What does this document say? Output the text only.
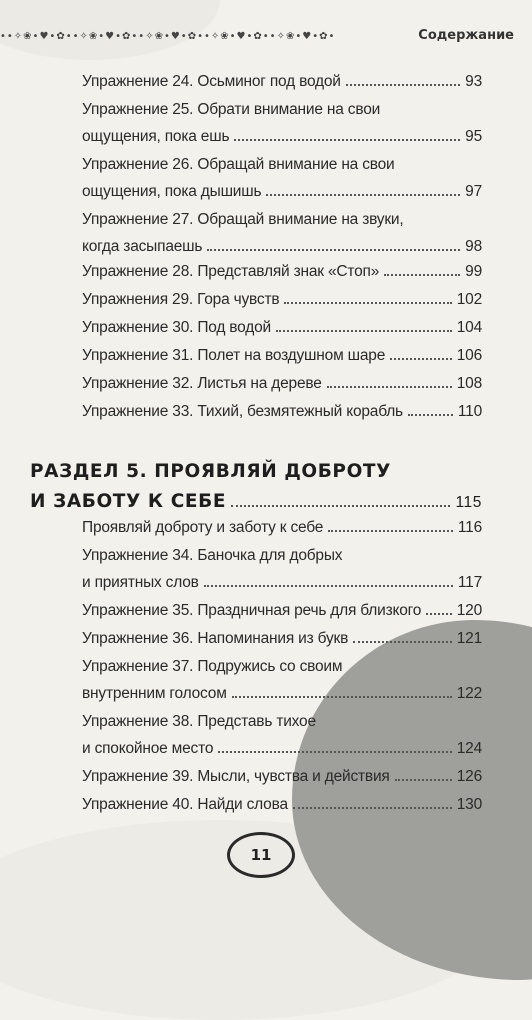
••✧❀•♥•✿••✧❀•♥•✿••✧❀•♥•✿••✧❀•♥•✿••✧❀•♥•✿•	Содержание
Упражнение 24. Осьминог под водой	93
Упражнение 25. Обрати внимание на свои
ощущения, пока ешь	95
Упражнение 26. Обращай внимание на свои
ощущения, пока дышишь	97
Упражнение 27. Обращай внимание на звуки,
когда засыпаешь	98
Упражнение 28. Представляй знак «Стоп»	99
Упражнения 29. Гора чувств	102
Упражнение 30. Под водой	104
Упражнение 31. Полет на воздушном шаре	106
Упражнение 32. Листья на дереве	108
Упражнение 33. Тихий, безмятежный корабль	110
РАЗДЕЛ 5. ПРОЯВЛЯЙ ДОБРОТУ
И ЗАБОТУ К СЕБЕ	115
Проявляй доброту и заботу к себе	116
Упражнение 34. Баночка для добрых
и приятных слов	117
Упражнение 35. Праздничная речь для близкого 120
Упражнение 36. Напоминания из букв	121
Упражнение 37. Подружись со своим
внутренним голосом	122
Упражнение 38. Представь тихое
и спокойное место	124
Упражнение 39. Мысли, чувства и действия	126
Упражнение 40. Найди слова	130
11
